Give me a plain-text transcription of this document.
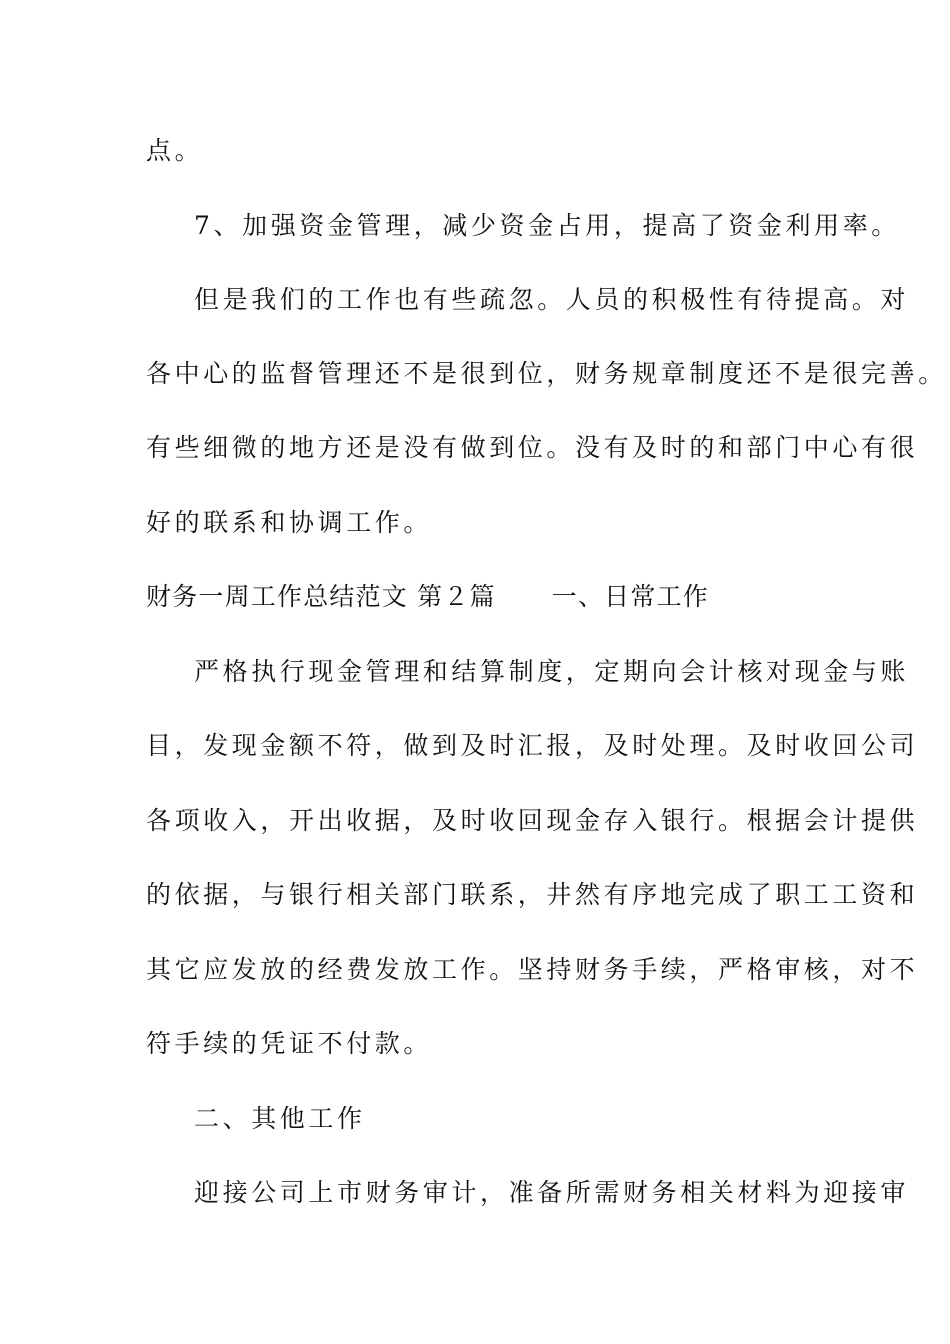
点。
7、加强资金管理，减少资金占用，提高了资金利用率。
但是我们的工作也有些疏忽。人员的积极性有待提高。对
各中心的监督管理还不是很到位，财务规章制度还不是很完善。
有些细微的地方还是没有做到位。没有及时的和部门中心有很
好的联系和协调工作。
财务一周工作总结范文 第２篇 一、日常工作
严格执行现金管理和结算制度，定期向会计核对现金与账
目，发现金额不符，做到及时汇报，及时处理。及时收回公司
各项收入，开出收据，及时收回现金存入银行。根据会计提供
的依据，与银行相关部门联系，井然有序地完成了职工工资和
其它应发放的经费发放工作。坚持财务手续，严格审核，对不
符手续的凭证不付款。
二、其他工作
迎接公司上市财务审计，准备所需财务相关材料为迎接审
